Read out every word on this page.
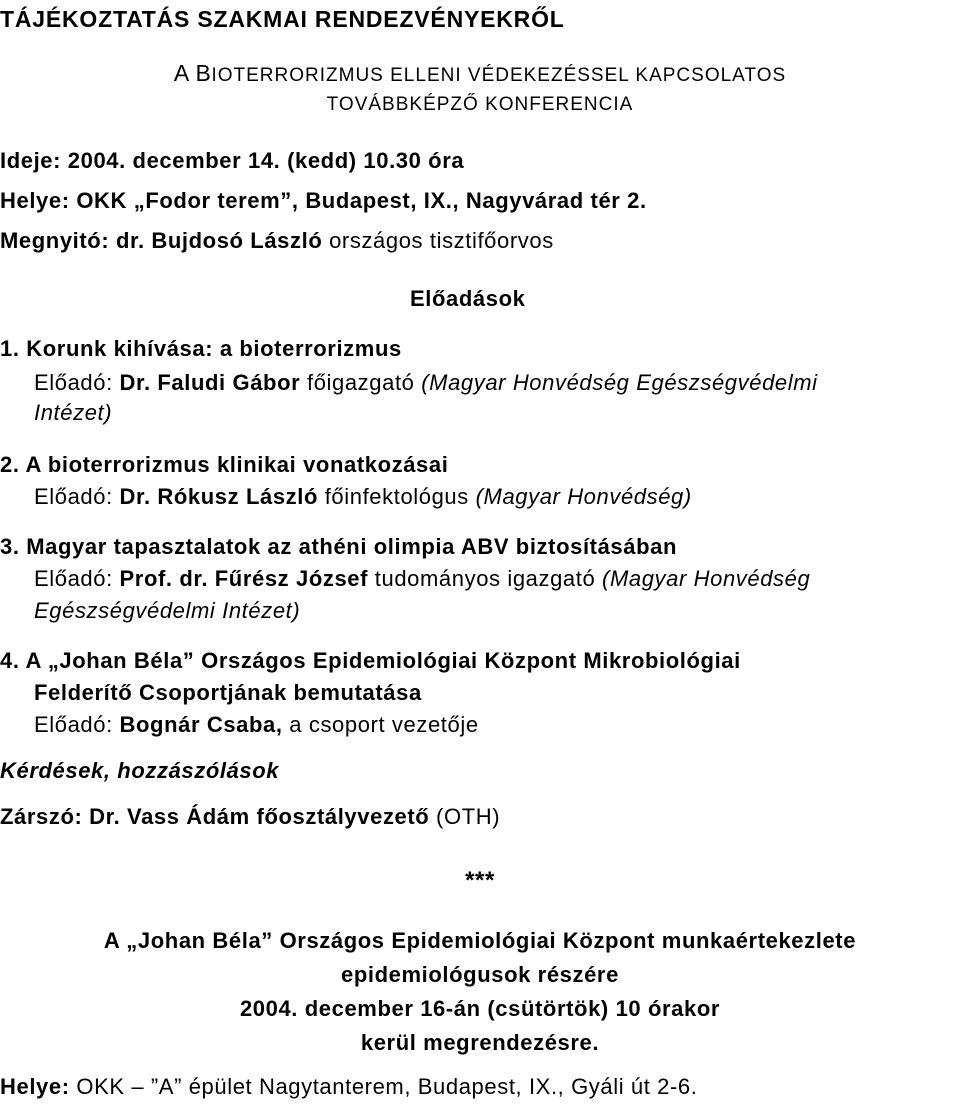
TÁJÉKOZTATÁS SZAKMAI RENDEZVÉNYEKRŐL
A BIOTERRORIZMUS ELLENI VÉDEKEZÉSSEL KAPCSOLATOS
TOVÁBBKÉPZŐ KONFERENCIA
Ideje: 2004. december 14. (kedd) 10.30 óra
Helye: OKK „Fodor terem”, Budapest, IX., Nagyvárad tér 2.
Megnyitó: dr. Bujdosó László országos tisztifőorvos
Előadások
1. Korunk kihívása: a bioterrorizmus
Előadó: Dr. Faludi Gábor főigazgató (Magyar Honvédség Egészségvédelmi
Intézet)
2. A bioterrorizmus klinikai vonatkozásai
Előadó: Dr. Rókusz László főinfektológus (Magyar Honvédség)
3. Magyar tapasztalatok az athéni olimpia ABV biztosításában
Előadó: Prof. dr. Fűrész József tudományos igazgató (Magyar Honvédség
Egészségvédelmi Intézet)
4. A „Johan Béla” Országos Epidemiológiai Központ Mikrobiológiai
Felderítő Csoportjának bemutatása
Előadó: Bognár Csaba, a csoport vezetője
Kérdések, hozzászólások
Zárszó: Dr. Vass Ádám főosztályvezető (OTH)
***
A „Johan Béla” Országos Epidemiológiai Központ munkaértekezlete
epidemiológusok részére
2004. december 16-án (csütörtök) 10 órakor
kerül megrendezésre.
Helye: OKK – ”A” épület Nagytanterem, Budapest, IX., Gyáli út 2-6.
